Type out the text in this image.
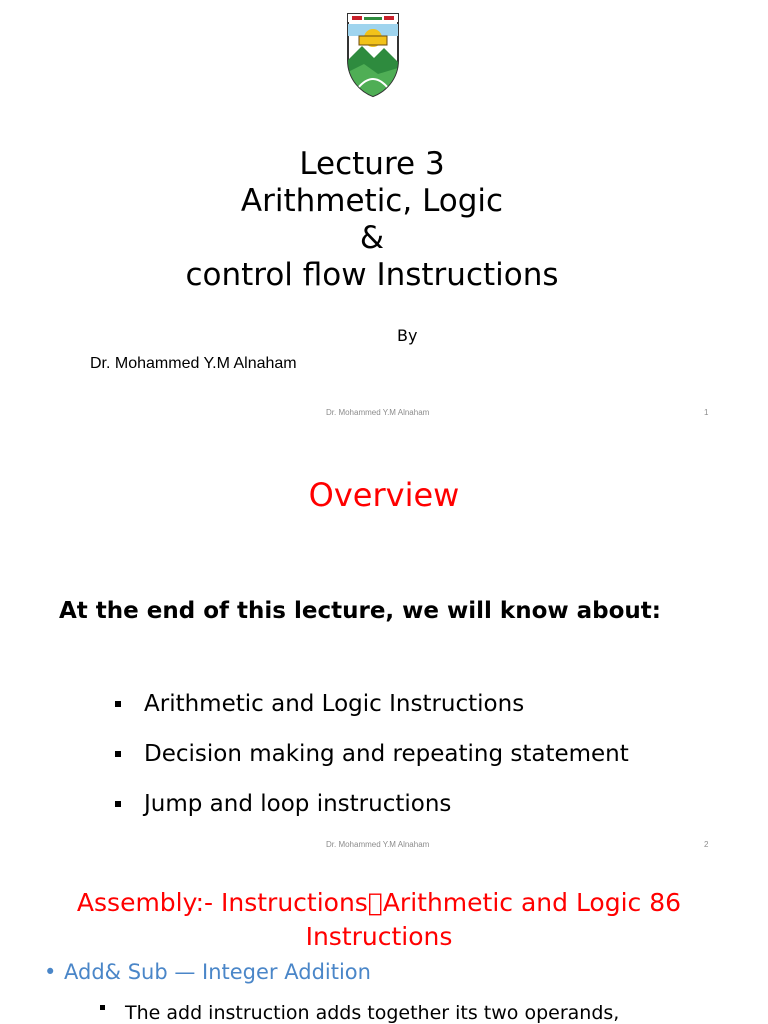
Lecture 3
Arithmetic, Logic
&
control flow Instructions
By
Dr. Mohammed Y.M Alnaham
Dr. Mohammed Y.M Alnaham	1
Overview
At the end of this lecture, we will know about:
Arithmetic and Logic Instructions
Decision making and repeating statement
Jump and loop instructions
Dr. Mohammed Y.M Alnaham	2
Assembly:- Instructions Arithmetic and Logic 86
Instructions
• Add& Sub — Integer Addition
The add instruction adds together its two operands,
